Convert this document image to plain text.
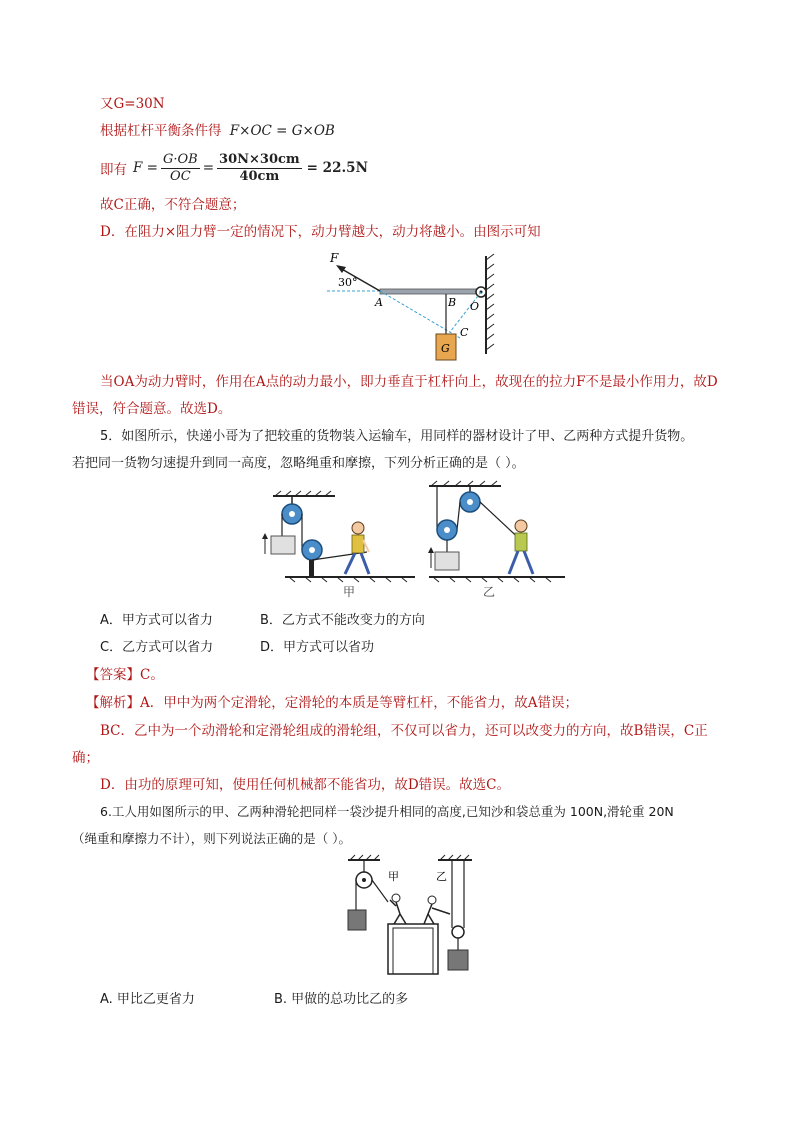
又G=30N
根据杠杆平衡条件得 F×OC = G×OB
即有 $F = \frac{G\cdot OB}{OC} = \frac{30N\times 30cm}{40cm} = 22.5N$
故C正确，不符合题意；
D．在阻力×阻力臂一定的情况下，动力臂越大，动力将越小。由图示可知
F
30°
A	B O
C
G
当OA为动力臂时，作用在A点的动力最小，即力垂直于杠杆向上，故现在的拉力F不是最小作用力，故D
错误，符合题意。故选D。
5．如图所示，快递小哥为了把较重的货物装入运输车，用同样的器材设计了甲、乙两种方式提升货物。
若把同一货物匀速提升到同一高度，忽略绳重和摩擦，下列分析正确的是（ ）。
甲	乙
A．甲方式可以省力	B．乙方式不能改变力的方向
C．乙方式可以省力	D．甲方式可以省功
【答案】C。
【解析】A．甲中为两个定滑轮，定滑轮的本质是等臂杠杆，不能省力，故A错误；
BC．乙中为一个动滑轮和定滑轮组成的滑轮组，不仅可以省力，还可以改变力的方向，故B错误，C正
确；
D．由功的原理可知，使用任何机械都不能省功，故D错误。故选C。
6.工人用如图所示的甲、乙两种滑轮把同样一袋沙提升相同的高度,已知沙和袋总重为 100N,滑轮重 20N
（绳重和摩擦力不计），则下列说法正确的是（ ）。
甲	乙
A. 甲比乙更省力	B. 甲做的总功比乙的多
